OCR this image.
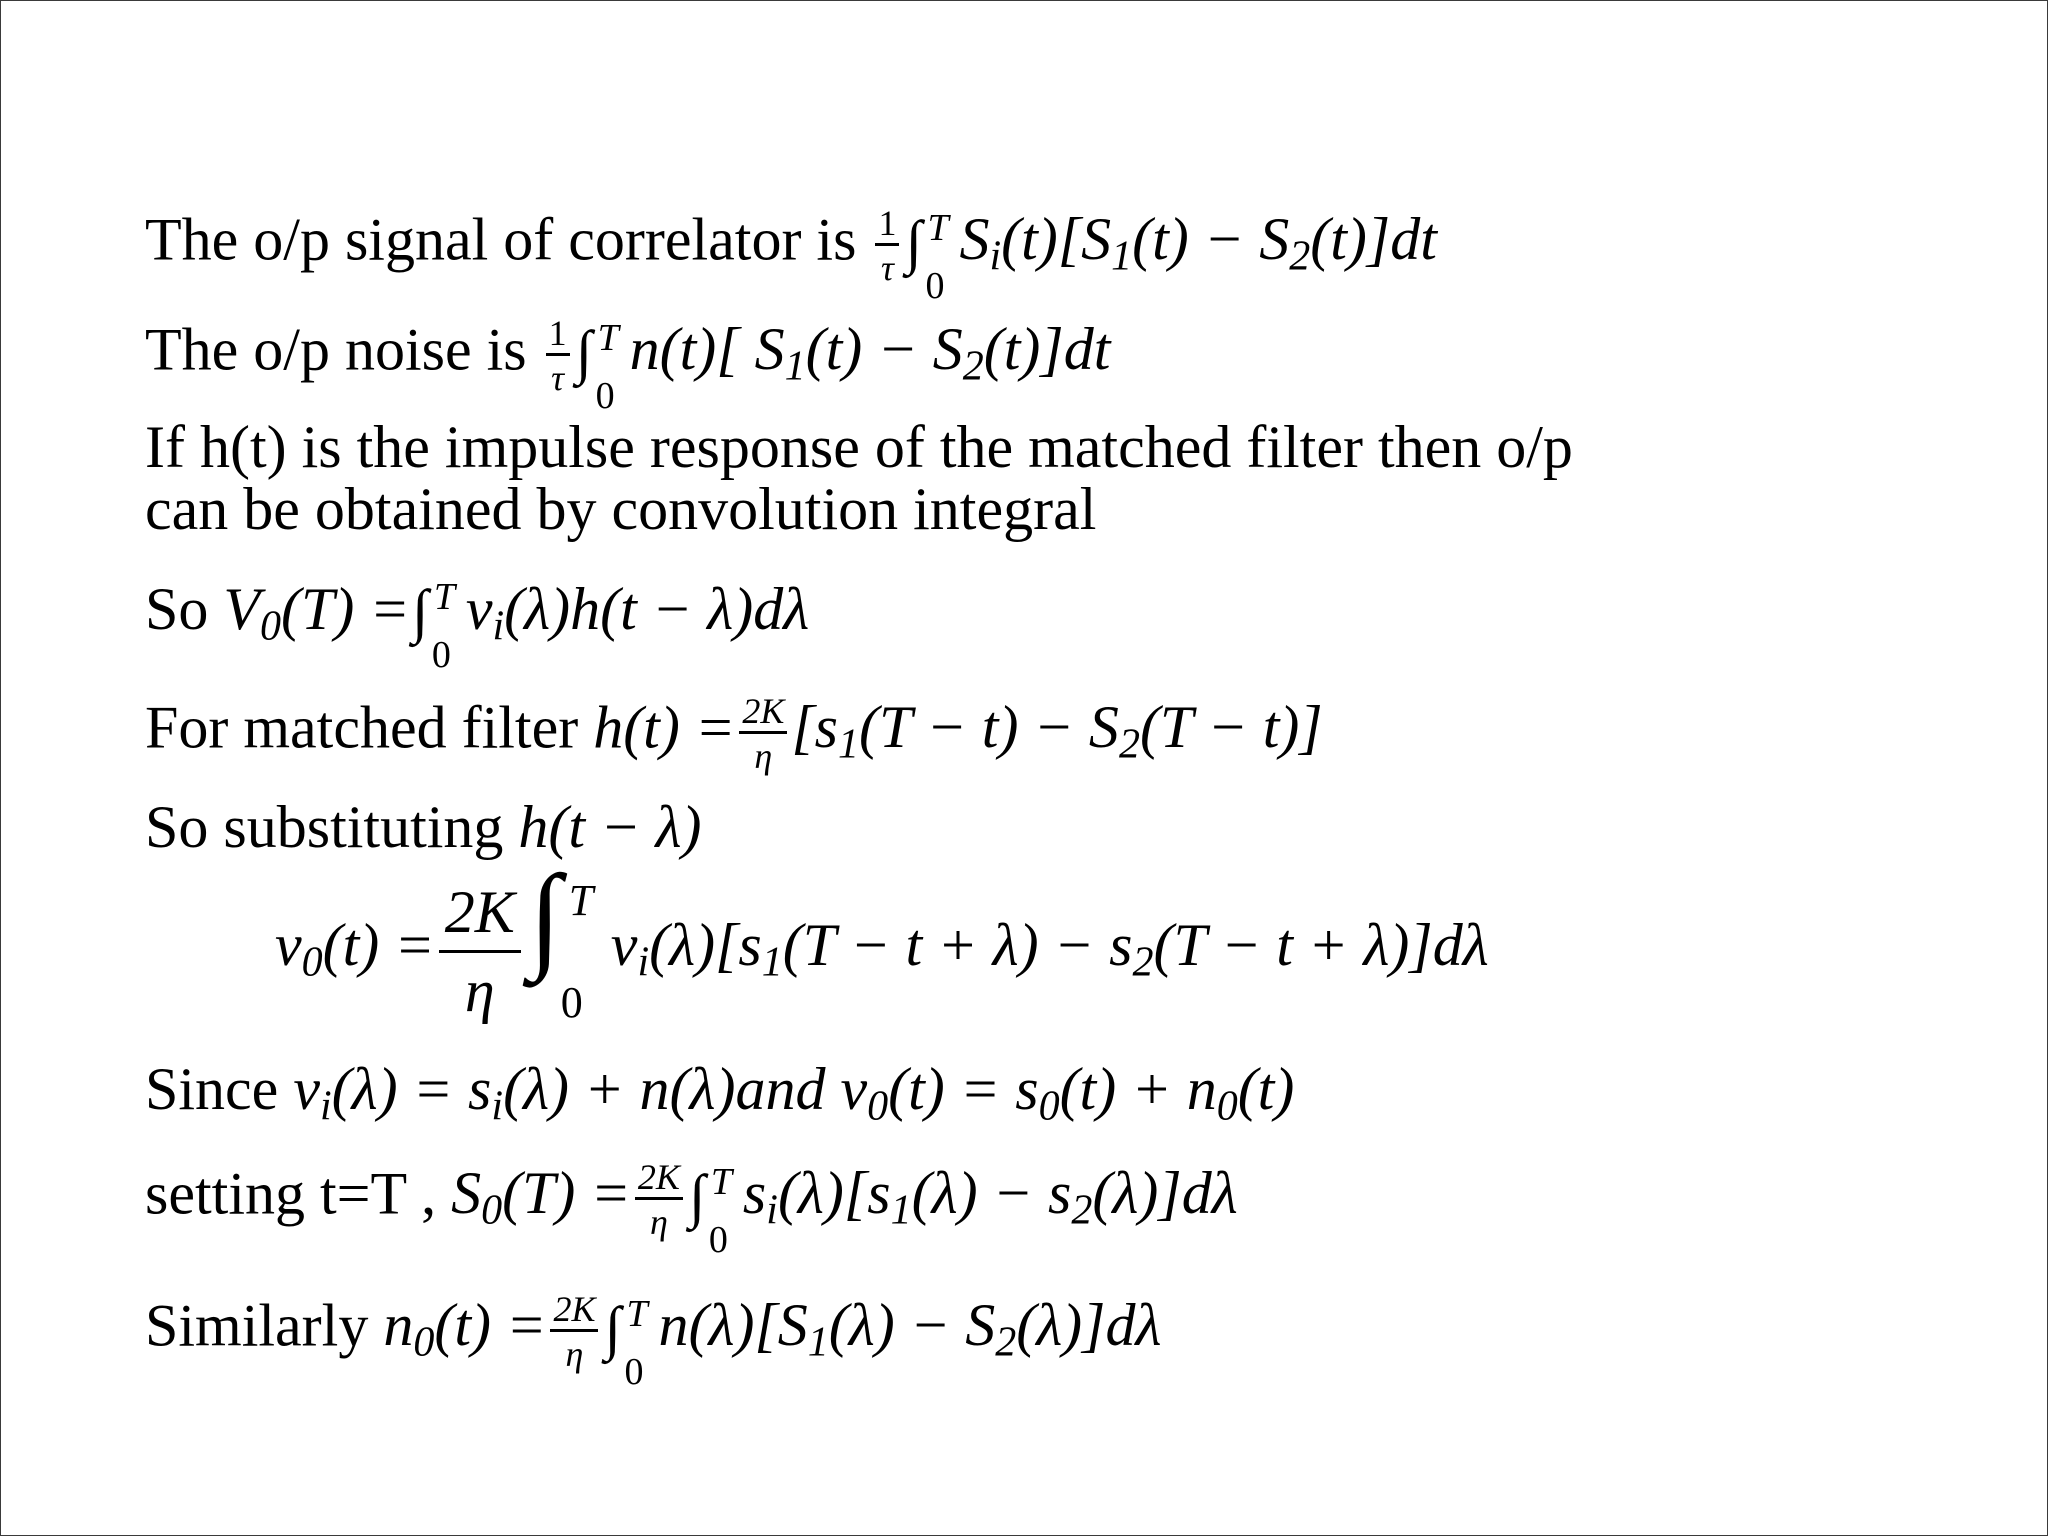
The o/p signal of correlator is $\frac{1}{\tau}$ ∫ T
0
$S_i(t)[S_1(t) - S_2(t)]dt$
The o/p noise is $\frac{1}{\tau}$ ∫ T
0
n(t)[ $S_1(t) - S_2(t)]dt$
If h(t) is the impulse response of the matched filter then o/p
can be obtained by convolution integral
So $V_0(T)$ = ∫ T
0
$v_i(\lambda)h(t - \lambda)d\lambda$
For matched filter $h(t) = \frac{2K}{\eta} [s_1(T - t) - S_2(T - t)]$
So substituting h(t − λ)
$v_0(t) = \frac{2K}{\eta}$ ∫ T
0
$v_i(\lambda)[s_1(T - t + \lambda) - s_2(T - t + \lambda)]d\lambda$
Since $v_i(\lambda) = s_i(\lambda) + n(\lambda)and$ $v_0(t) = s_0(t) + n_0(t)$
setting t=T , $S_0(T) = \frac{2K}{\eta}$ ∫ T
0
$s_i(\lambda)[s_1(\lambda) - s_2(\lambda)]d\lambda$
Similarly $n_0(t) = \frac{2K}{\eta}$ ∫ T
0
$n(\lambda)[S_1(\lambda) - S_2(\lambda)]d\lambda$
